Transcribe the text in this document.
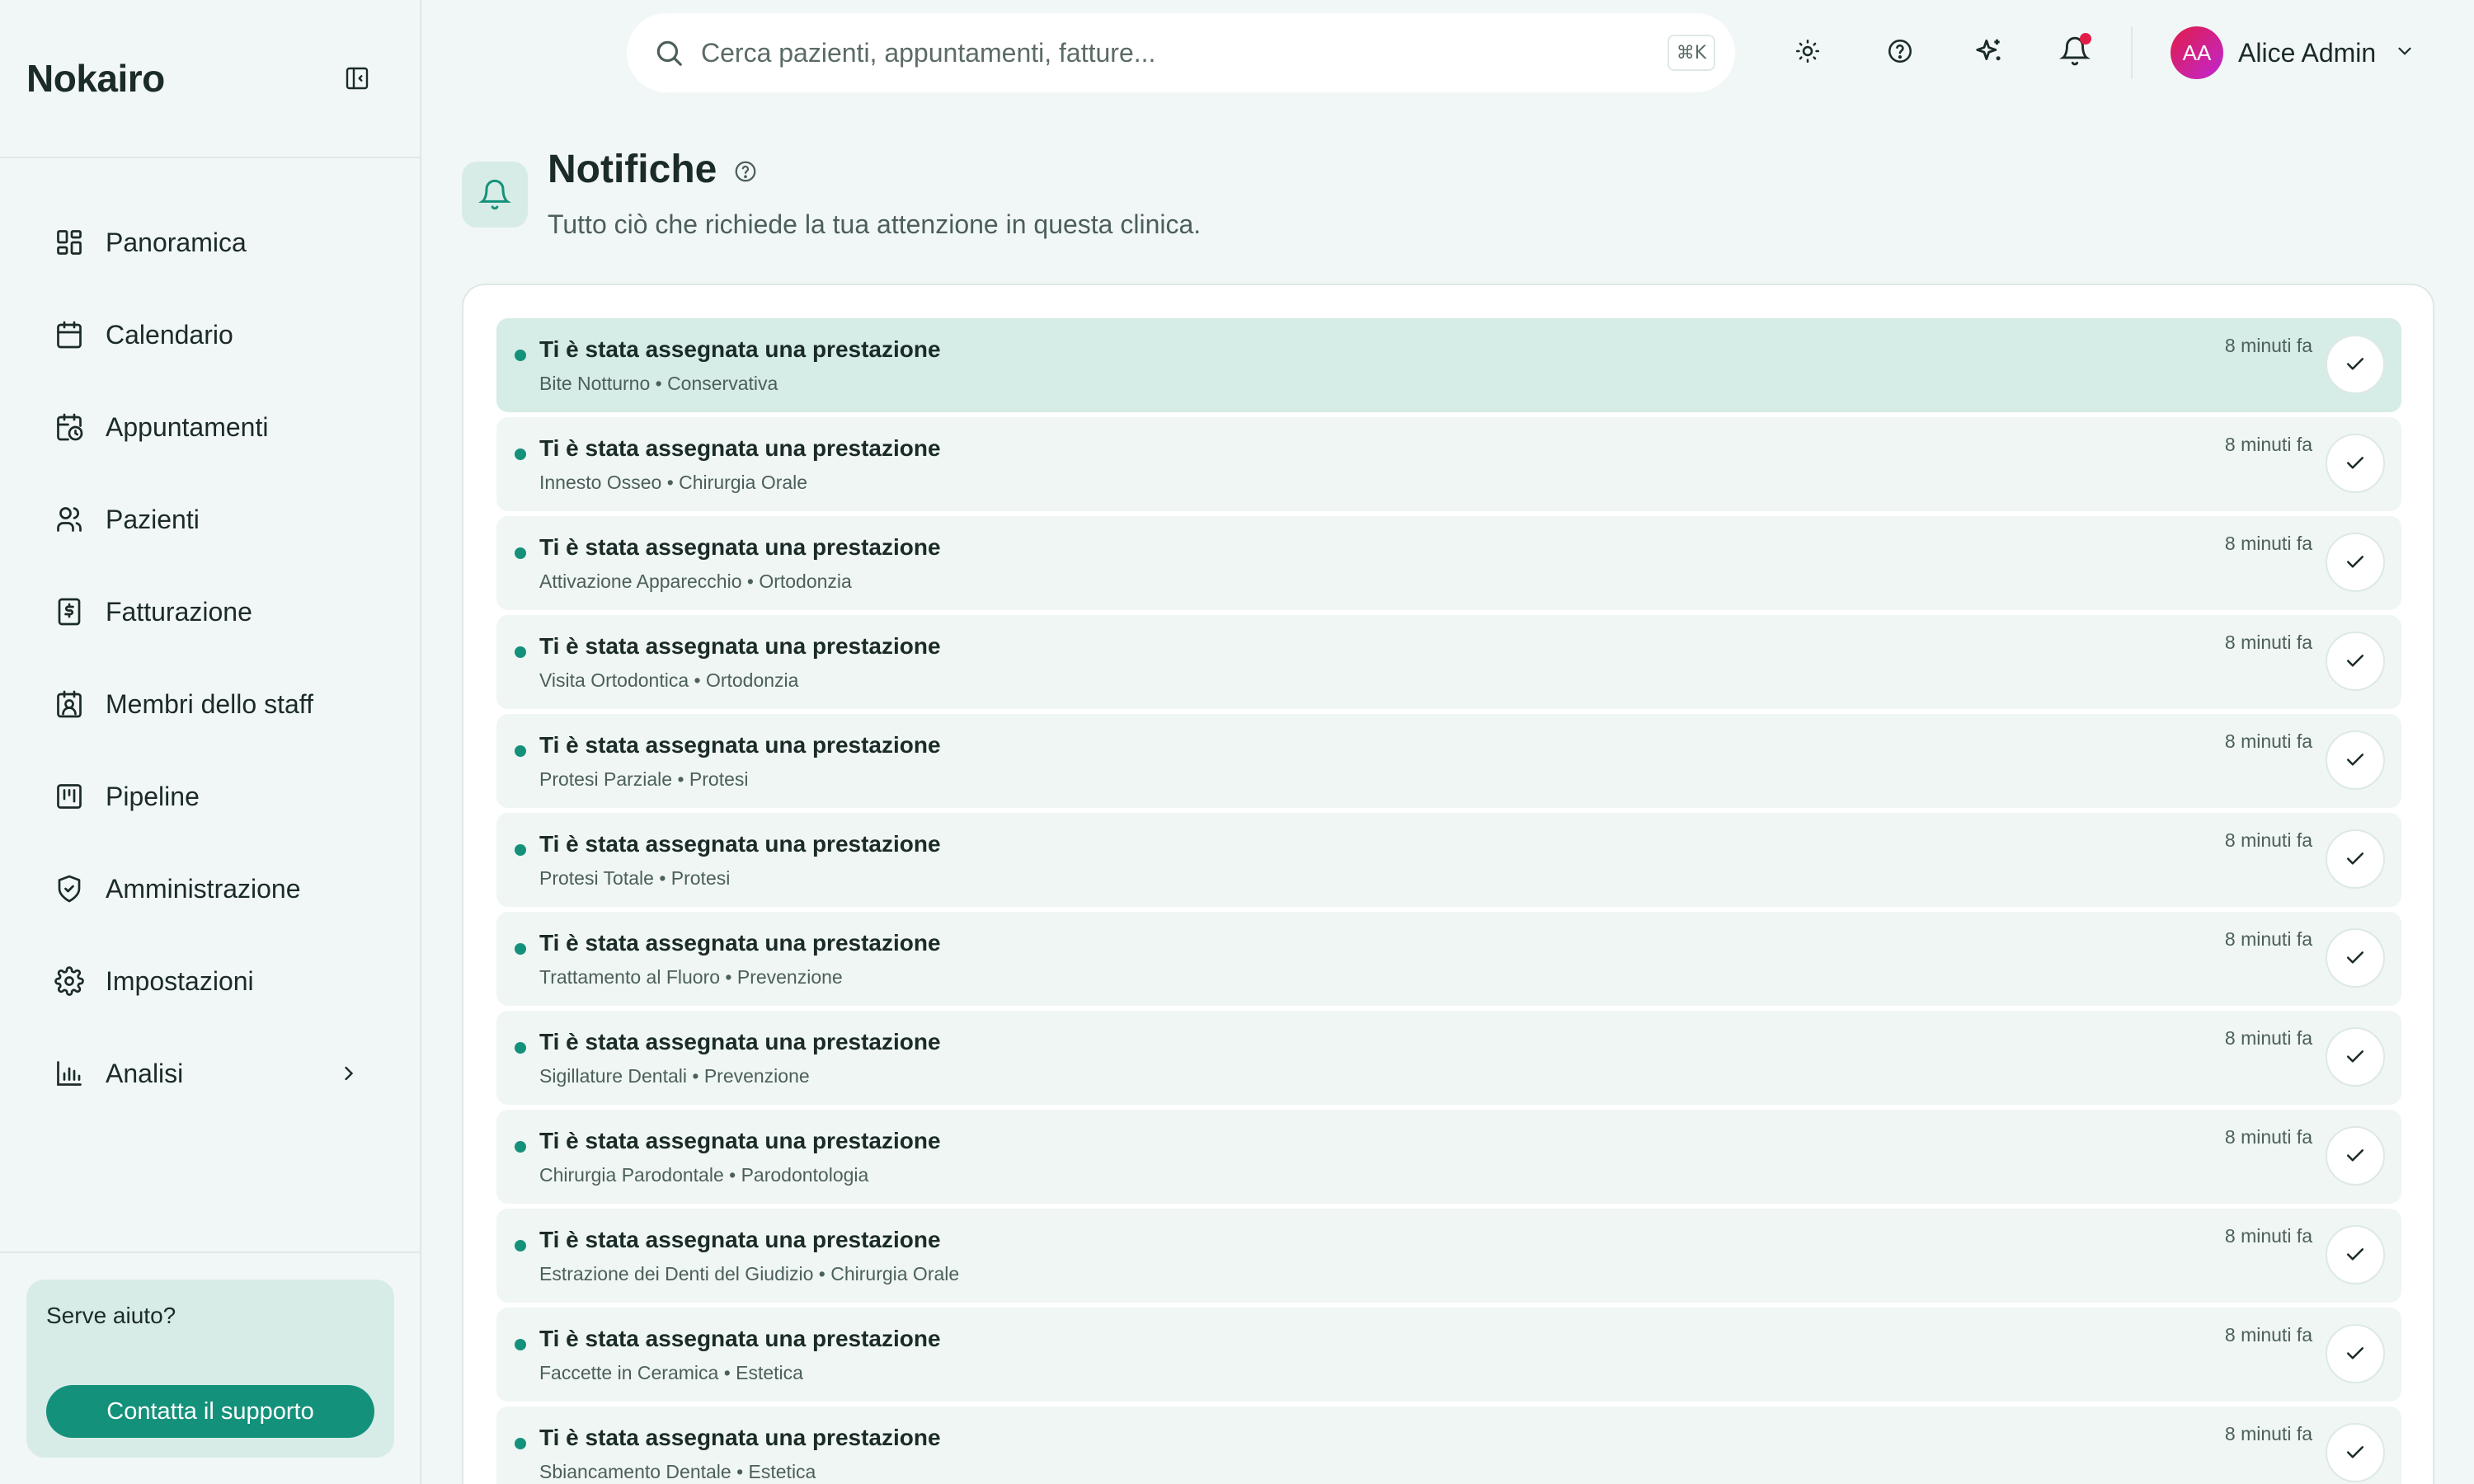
Nokairo
Panoramica
Calendario
Appuntamenti
Pazienti
Fatturazione
Membri dello staff
Pipeline
Amministrazione
Impostazioni
Analisi
Serve aiuto?
Contatta il supporto
Cerca pazienti, appuntamenti, fatture...
⌘K	AA	Alice Admin
Notifiche

Tutto ciò che richiede la tua attenzione in questa clinica.

Ti è stata assegnata una prestazione
Bite Notturno • Conservativa
8 minuti fa
Ti è stata assegnata una prestazione
Innesto Osseo • Chirurgia Orale
8 minuti fa
Ti è stata assegnata una prestazione
Attivazione Apparecchio • Ortodonzia
8 minuti fa
Ti è stata assegnata una prestazione
Visita Ortodontica • Ortodonzia
8 minuti fa
Ti è stata assegnata una prestazione
Protesi Parziale • Protesi
8 minuti fa
Ti è stata assegnata una prestazione
Protesi Totale • Protesi
8 minuti fa
Ti è stata assegnata una prestazione
Trattamento al Fluoro • Prevenzione
8 minuti fa
Ti è stata assegnata una prestazione
Sigillature Dentali • Prevenzione
8 minuti fa
Ti è stata assegnata una prestazione
Chirurgia Parodontale • Parodontologia
8 minuti fa
Ti è stata assegnata una prestazione
Estrazione dei Denti del Giudizio • Chirurgia Orale
8 minuti fa
Ti è stata assegnata una prestazione
Faccette in Ceramica • Estetica
8 minuti fa
Ti è stata assegnata una prestazione
Sbiancamento Dentale • Estetica
8 minuti fa
